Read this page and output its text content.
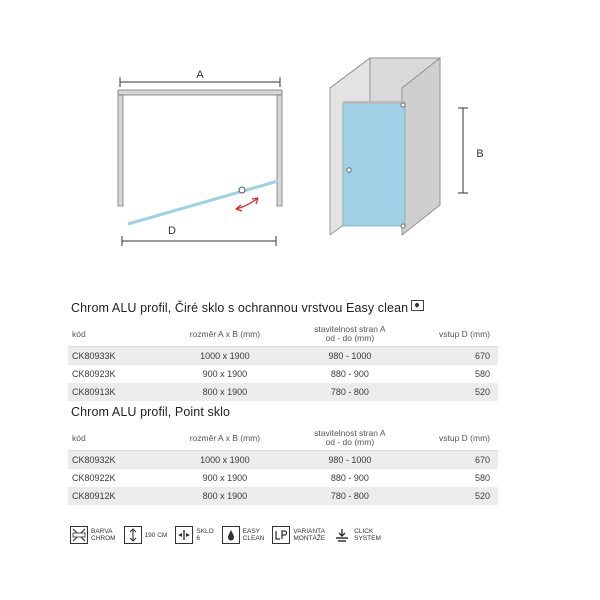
A
D
B
Chrom ALU profil, Čiré sklo s ochrannou vrstvou Easy clean
kód	rozměr A x B (mm)	stavitelnost stran A
od - do (mm)	vstup D (mm)
CK80933K	1000 x 1900	980 - 1000	670
CK80923K	900 x 1900	880 - 900	580
CK80913K	800 x 1900	780 - 800	520
Chrom ALU profil, Point sklo
kód	rozměr A x B (mm)	stavitelnost stran A
od - do (mm)	vstup D (mm)
CK80932K	1000 x 1900	980 - 1000	670
CK80922K	900 x 1900	880 - 900	580
CK80912K	800 x 1900	780 - 800	520
BARVA
CHROM	190 CM	SKLO
6
EASY
CLEAN
VARIANTA
MONTÁŽE
CLICK
SYSTEM
